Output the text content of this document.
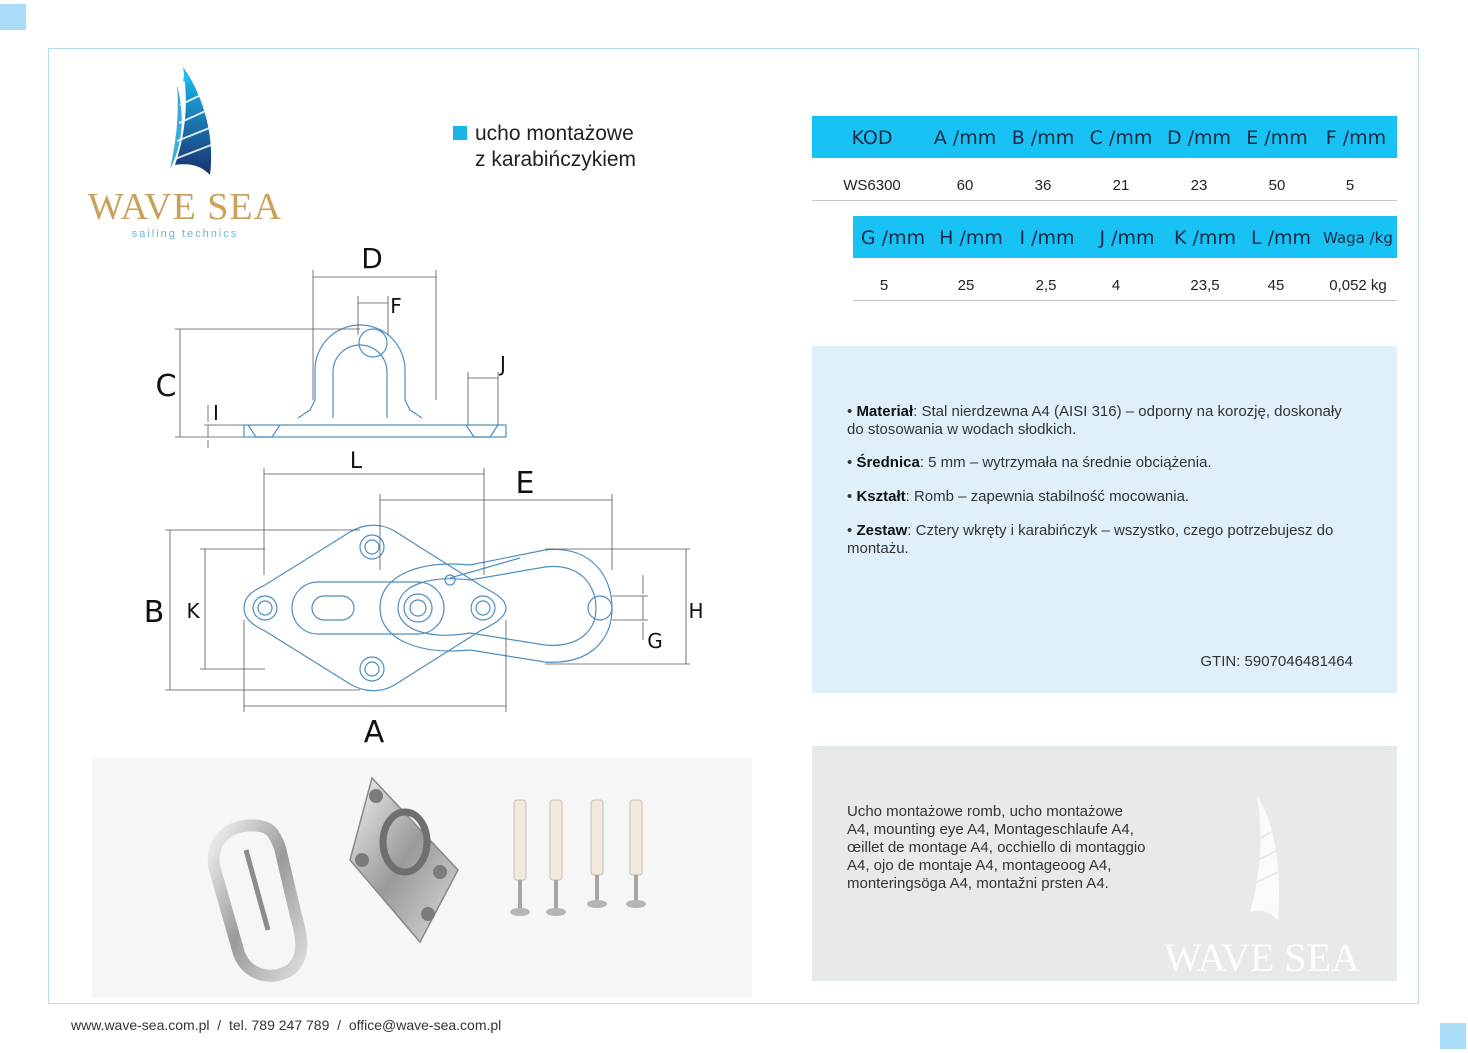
WAVE SEA
sailing technics
ucho montażowe
z karabińczykiem
KOD	A /mm B /mm C /mm D /mm E /mm F /mm
WS6300	60	36	21	23	50	5
G /mm H /mm I /mm	J /mm	K /mm L /mm Waga /kg
5	25	2,5	4	23,5	45	0,052 kg
• Materiał: Stal nierdzewna A4 (AISI 316) – odporny na korozję, doskonały do stosowania w wodach słodkich.
• Średnica: 5 mm – wytrzymała na średnie obciążenia.
• Kształt: Romb – zapewnia stabilność mocowania.
• Zestaw: Cztery wkręty i karabińczyk – wszystko, czego potrzebujesz do montażu.
GTIN: 5907046481464
Ucho montażowe romb, ucho montażowe A4, mounting eye A4, Montageschlaufe A4, œillet de montage A4, occhiello di montaggio A4, ojo de montaje A4, montageoog A4, monteringsöga A4, montažni prsten A4.
WAVE SEA
www.wave-sea.com.pl / tel. 789 247 789 / office@wave-sea.com.pl
D
F
C
I
J
L
E
B K	H
G
A
